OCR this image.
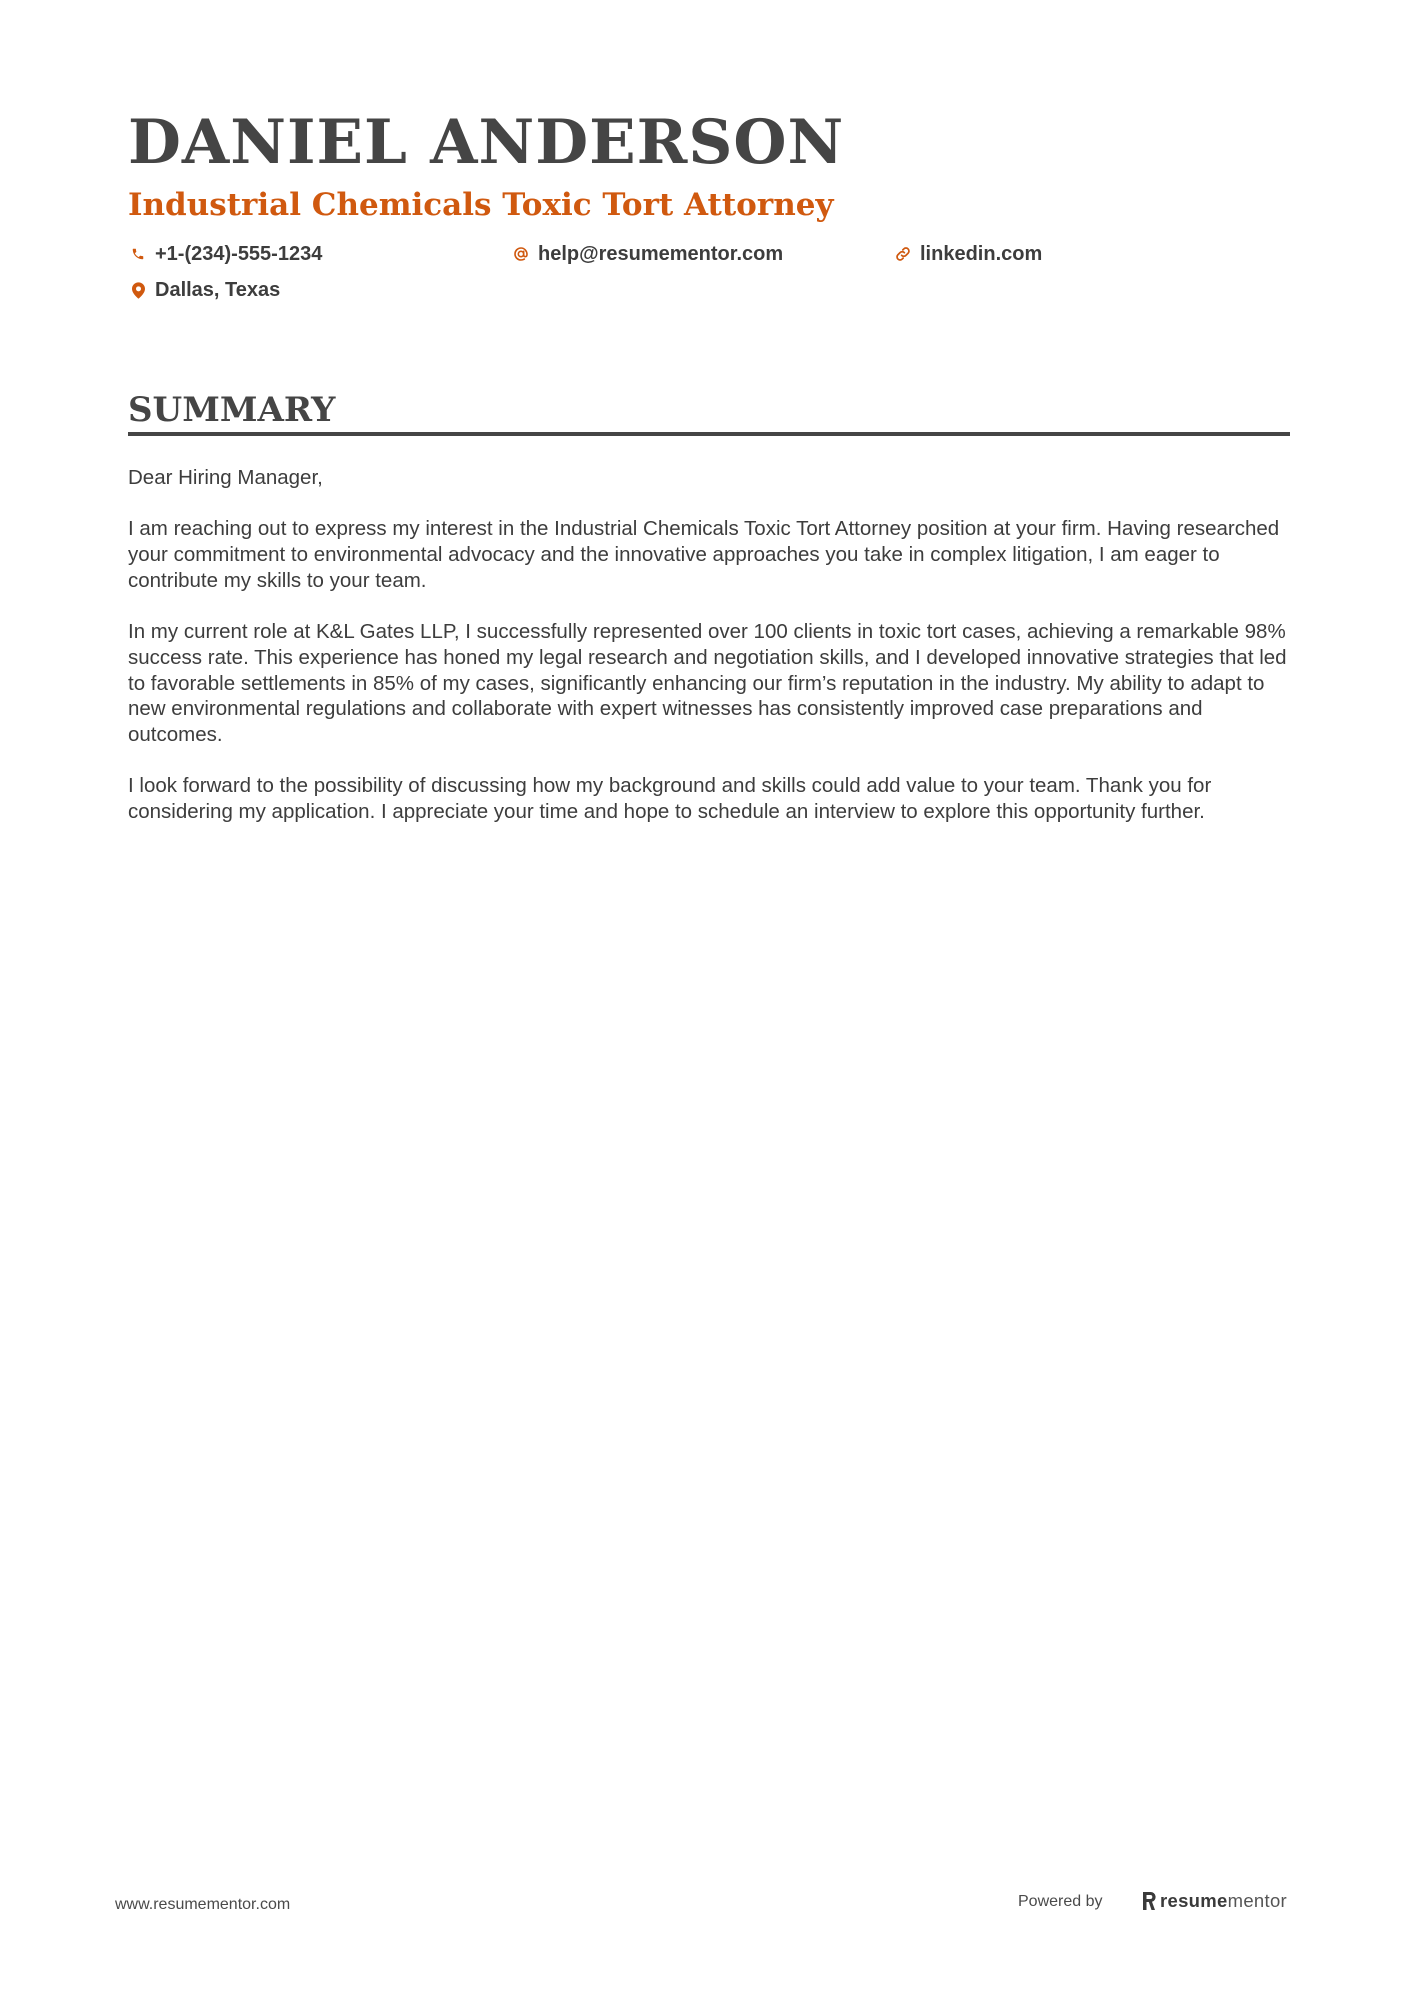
DANIEL ANDERSON
Industrial Chemicals Toxic Tort Attorney
+1-(234)-555-1234	help@resumementor.com	linkedin.com
Dallas, Texas
SUMMARY

Dear Hiring Manager,

I am reaching out to express my interest in the Industrial Chemicals Toxic Tort Attorney position at your firm. Having researched your commitment to environmental advocacy and the innovative approaches you take in complex litigation, I am eager to contribute my skills to your team.

In my current role at K&L Gates LLP, I successfully represented over 100 clients in toxic tort cases, achieving a remarkable 98% success rate. This experience has honed my legal research and negotiation skills, and I developed innovative strategies that led to favorable settlements in 85% of my cases, significantly enhancing our firm’s reputation in the industry. My ability to adapt to new environmental regulations and collaborate with expert witnesses has consistently improved case preparations and outcomes.

I look forward to the possibility of discussing how my background and skills could add value to your team. Thank you for considering my application. I appreciate your time and hope to schedule an interview to explore this opportunity further.

www.resumementor.com	Powered by	resumementor
